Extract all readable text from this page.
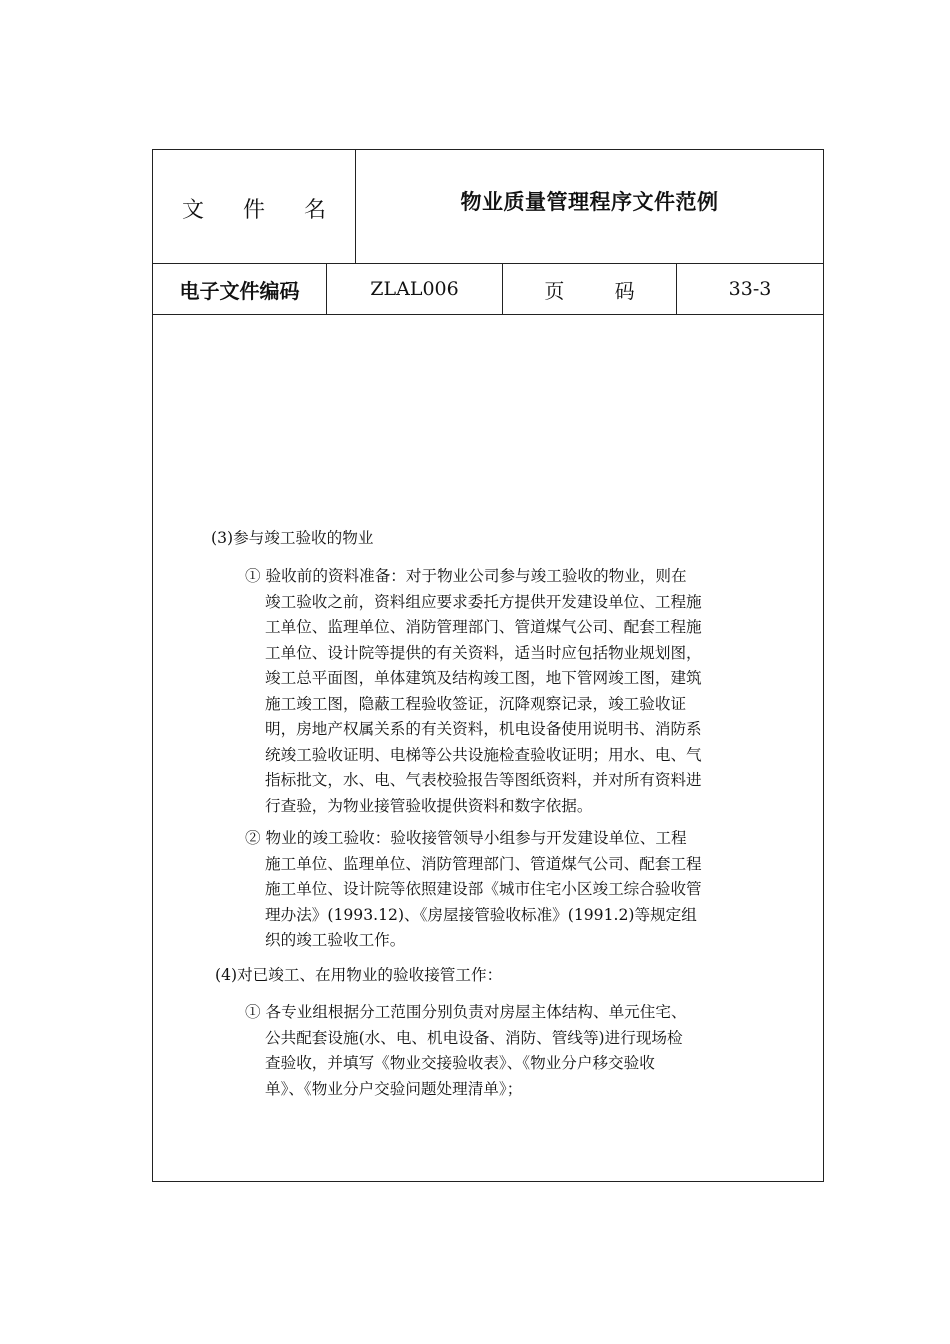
文 件 名	物业质量管理程序文件范例
电子文件编码	ZLAL006	页 码	33-3
(3)参与竣工验收的物业
① 验收前的资料准备：对于物业公司参与竣工验收的物业，则在
竣工验收之前，资料组应要求委托方提供开发建设单位、工程施
工单位、监理单位、消防管理部门、管道煤气公司、配套工程施
工单位、设计院等提供的有关资料，适当时应包括物业规划图，
竣工总平面图，单体建筑及结构竣工图，地下管网竣工图，建筑
施工竣工图，隐蔽工程验收签证，沉降观察记录，竣工验收证
明，房地产权属关系的有关资料，机电设备使用说明书、消防系
统竣工验收证明、电梯等公共设施检查验收证明；用水、电、气
指标批文，水、电、气表校验报告等图纸资料，并对所有资料进
行查验，为物业接管验收提供资料和数字依据。
② 物业的竣工验收：验收接管领导小组参与开发建设单位、工程
施工单位、监理单位、消防管理部门、管道煤气公司、配套工程
施工单位、设计院等依照建设部《城市住宅小区竣工综合验收管
理办法》(1993.12)、《房屋接管验收标准》(1991.2)等规定组
织的竣工验收工作。
(4)对已竣工、在用物业的验收接管工作：
① 各专业组根据分工范围分别负责对房屋主体结构、单元住宅、
公共配套设施(水、电、机电设备、消防、管线等)进行现场检
查验收，并填写《物业交接验收表》、《物业分户移交验收
单》、《物业分户交验问题处理清单》；
